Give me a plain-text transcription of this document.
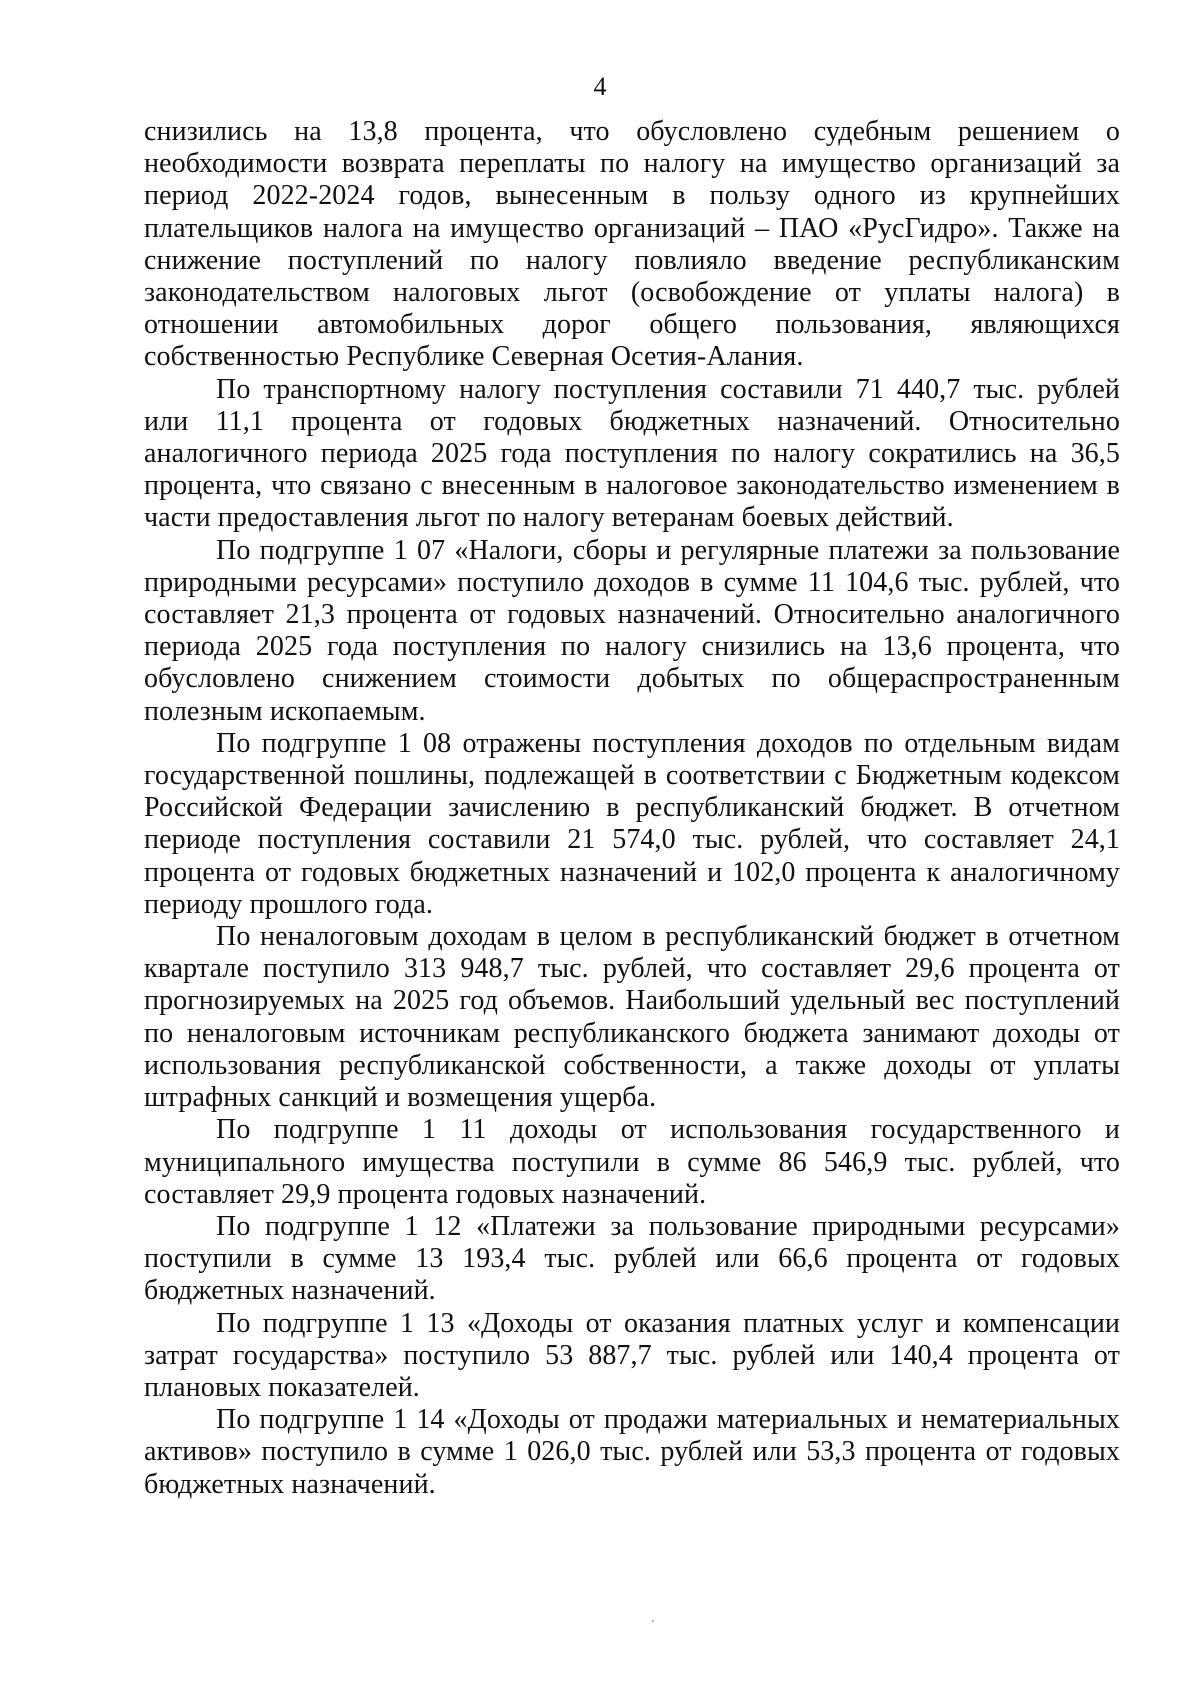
4

снизились на 13,8 процента, что обусловлено судебным решением о необходимости возврата переплаты по налогу на имущество организаций за период 2022-2024 годов, вынесенным в пользу одного из крупнейших плательщиков налога на имущество организаций – ПАО «РусГидро». Также на снижение поступлений по налогу повлияло введение республиканским законодательством налоговых льгот (освобождение от уплаты налога) в отношении автомобильных дорог общего пользования, являющихся собственностью Республике Северная Осетия-Алания.

По транспортному налогу поступления составили 71 440,7 тыс. рублей или 11,1 процента от годовых бюджетных назначений. Относительно аналогичного периода 2025 года поступления по налогу сократились на 36,5 процента, что связано с внесенным в налоговое законодательство изменением в части предоставления льгот по налогу ветеранам боевых действий.

По подгруппе 1 07 «Налоги, сборы и регулярные платежи за пользование природными ресурсами» поступило доходов в сумме 11 104,6 тыс. рублей, что составляет 21,3 процента от годовых назначений. Относительно аналогичного периода 2025 года поступления по налогу снизились на 13,6 процента, что обусловлено снижением стоимости добытых по общераспространенным полезным ископаемым.

По подгруппе 1 08 отражены поступления доходов по отдельным видам государственной пошлины, подлежащей в соответствии с Бюджетным кодексом Российской Федерации зачислению в республиканский бюджет. В отчетном периоде поступления составили 21 574,0 тыс. рублей, что составляет 24,1 процента от годовых бюджетных назначений и 102,0 процента к аналогичному периоду прошлого года.

По неналоговым доходам в целом в республиканский бюджет в отчетном квартале поступило 313 948,7 тыс. рублей, что составляет 29,6 процента от прогнозируемых на 2025 год объемов. Наибольший удельный вес поступлений по неналоговым источникам республиканского бюджета занимают доходы от использования республиканской собственности, а также доходы от уплаты штрафных санкций и возмещения ущерба.

По подгруппе 1 11 доходы от использования государственного и муниципального имущества поступили в сумме 86 546,9 тыс. рублей, что составляет 29,9 процента годовых назначений.

По подгруппе 1 12 «Платежи за пользование природными ресурсами» поступили в сумме 13 193,4 тыс. рублей или 66,6 процента от годовых бюджетных назначений.

По подгруппе 1 13 «Доходы от оказания платных услуг и компенсации затрат государства» поступило 53 887,7 тыс. рублей или 140,4 процента от плановых показателей.

По подгруппе 1 14 «Доходы от продажи материальных и нематериальных активов» поступило в сумме 1 026,0 тыс. рублей или 53,3 процента от годовых бюджетных назначений.
